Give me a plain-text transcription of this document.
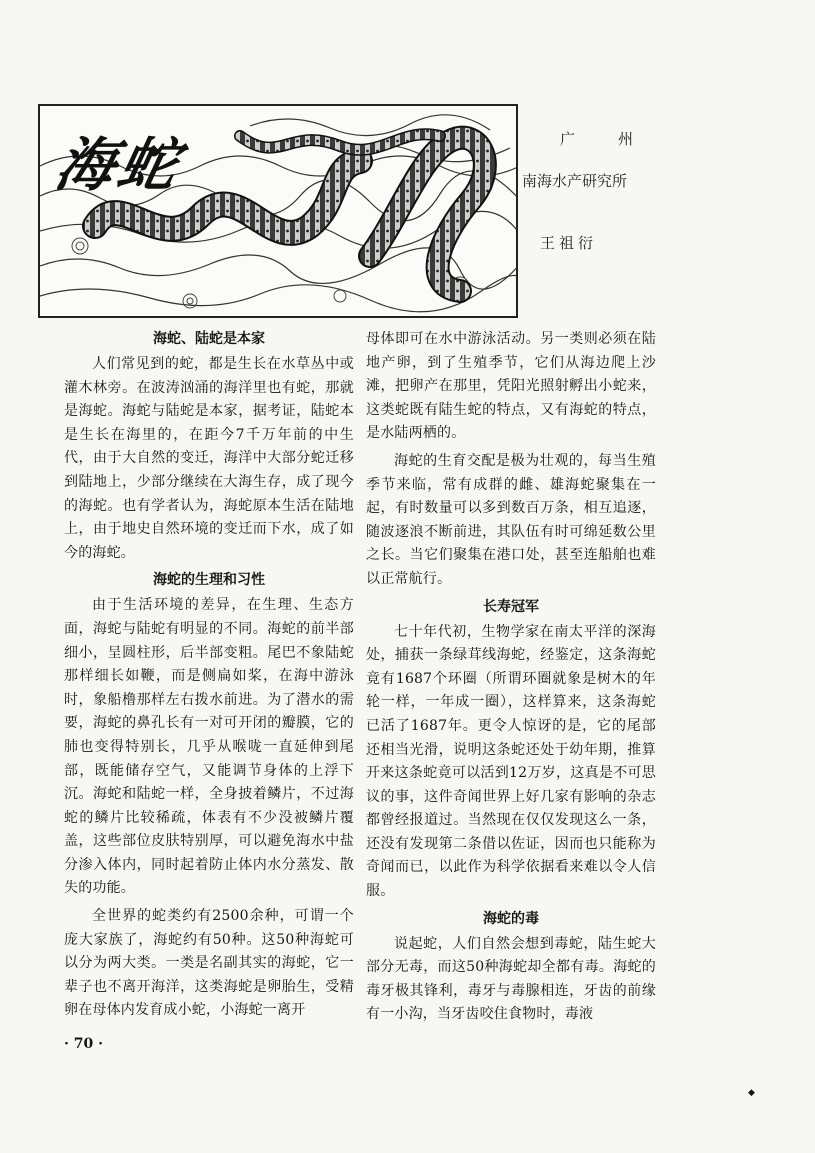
海蛇	广　州
南海水产研究所
王祖衍
海蛇、陆蛇是本家

人们常见到的蛇，都是生长在水草丛中或灌木林旁。在波涛汹涌的海洋里也有蛇，那就是海蛇。海蛇与陆蛇是本家，据考证，陆蛇本是生长在海里的，在距今7千万年前的中生代，由于大自然的变迁，海洋中大部分蛇迁移到陆地上，少部分继续在大海生存，成了现今的海蛇。也有学者认为，海蛇原本生活在陆地上，由于地史自然环境的变迁而下水，成了如今的海蛇。

海蛇的生理和习性

由于生活环境的差异，在生理、生态方面，海蛇与陆蛇有明显的不同。海蛇的前半部细小，呈圆柱形，后半部变粗。尾巴不象陆蛇那样细长如鞭，而是侧扁如桨，在海中游泳时，象船橹那样左右拨水前进。为了潜水的需要，海蛇的鼻孔长有一对可开闭的瓣膜，它的肺也变得特别长，几乎从喉咙一直延伸到尾部，既能储存空气，又能调节身体的上浮下沉。海蛇和陆蛇一样，全身披着鳞片，不过海蛇的鳞片比较稀疏，体表有不少没被鳞片覆盖，这些部位皮肤特别厚，可以避免海水中盐分渗入体内，同时起着防止体内水分蒸发、散失的功能。

全世界的蛇类约有2500余种，可谓一个庞大家族了，海蛇约有50种。这50种海蛇可以分为两大类。一类是名副其实的海蛇，它一辈子也不离开海洋，这类海蛇是卵胎生，受精卵在母体内发育成小蛇，小海蛇一离开

母体即可在水中游泳活动。另一类则必须在陆地产卵，到了生殖季节，它们从海边爬上沙滩，把卵产在那里，凭阳光照射孵出小蛇来，这类蛇既有陆生蛇的特点，又有海蛇的特点，是水陆两栖的。

海蛇的生育交配是极为壮观的，每当生殖季节来临，常有成群的雌、雄海蛇聚集在一起，有时数量可以多到数百万条，相互追逐，随波逐浪不断前进，其队伍有时可绵延数公里之长。当它们聚集在港口处，甚至连船舶也难以正常航行。

长寿冠军

七十年代初，生物学家在南太平洋的深海处，捕获一条绿茸线海蛇，经鉴定，这条海蛇竟有1687个环圈（所谓环圈就象是树木的年轮一样，一年成一圈），这样算来，这条海蛇已活了1687年。更令人惊讶的是，它的尾部还相当光滑，说明这条蛇还处于幼年期，推算开来这条蛇竟可以活到12万岁，这真是不可思议的事，这件奇闻世界上好几家有影响的杂志都曾经报道过。当然现在仅仅发现这么一条，还没有发现第二条借以佐证，因而也只能称为奇闻而已，以此作为科学依据看来难以令人信服。

海蛇的毒

说起蛇，人们自然会想到毒蛇，陆生蛇大部分无毒，而这50种海蛇却全都有毒。海蛇的毒牙极其锋利，毒牙与毒腺相连，牙齿的前缘有一小沟，当牙齿咬住食物时，毒液

· 70 ·
◆
